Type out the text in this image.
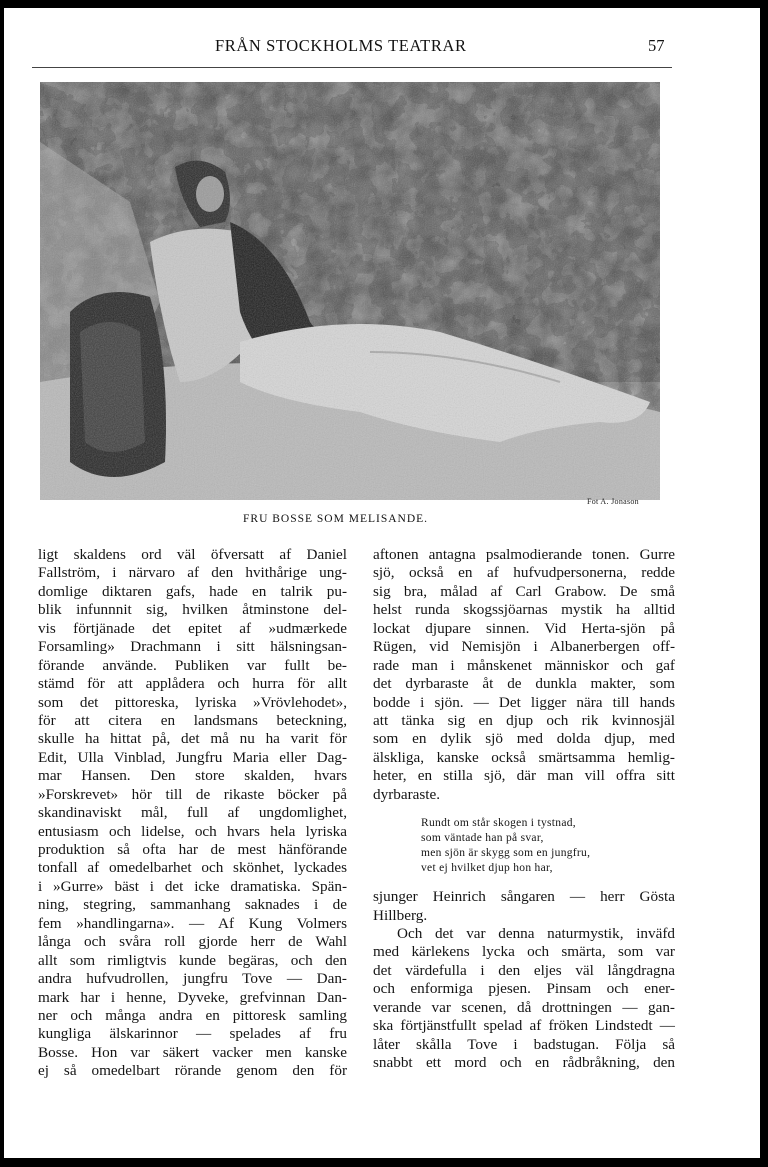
FRÅN STOCKHOLMS TEATRAR	57
Fot A. Jonason
FRU BOSSE SOM MELISANDE.
ligt skaldens ord väl öfversatt af Daniel
Fallström, i närvaro af den hvithårige ung-
domlige diktaren gafs, hade en talrik pu-
blik infunnnit sig, hvilken åtminstone del-
vis förtjänade det epitet af »udmærkede
Forsamling» Drachmann i sitt hälsningsan-
förande använde. Publiken var fullt be-
stämd för att applådera och hurra för allt
som det pittoreska, lyriska »Vrövlehodet»,
för att citera en landsmans beteckning,
skulle ha hittat på, det må nu ha varit för
Edit, Ulla Vinblad, Jungfru Maria eller Dag-
mar Hansen. Den store skalden, hvars
»Forskrevet» hör till de rikaste böcker på
skandinaviskt mål, full af ungdomlighet,
entusiasm och lidelse, och hvars hela lyriska
produktion så ofta har de mest hänförande
tonfall af omedelbarhet och skönhet, lyckades
i »Gurre» bäst i det icke dramatiska. Spän-
ning, stegring, sammanhang saknades i de
fem »handlingarna». — Af Kung Volmers
långa och svåra roll gjorde herr de Wahl
allt som rimligtvis kunde begäras, och den
andra hufvudrollen, jungfru Tove — Dan-
mark har i henne, Dyveke, grefvinnan Dan-
ner och många andra en pittoresk samling
kungliga älskarinnor — spelades af fru
Bosse. Hon var säkert vacker men kanske
ej så omedelbart rörande genom den för
aftonen antagna psalmodierande tonen. Gurre
sjö, också en af hufvudpersonerna, redde
sig bra, målad af Carl Grabow. De små
helst runda skogssjöarnas mystik ha alltid
lockat djupare sinnen. Vid Herta-sjön på
Rügen, vid Nemisjön i Albanerbergen off-
rade man i månskenet människor och gaf
det dyrbaraste åt de dunkla makter, som
bodde i sjön. — Det ligger nära till hands
att tänka sig en djup och rik kvinnosjäl
som en dylik sjö med dolda djup, med
älskliga, kanske också smärtsamma hemlig-
heter, en stilla sjö, där man vill offra sitt
dyrbaraste.
Rundt om står skogen i tystnad,
som väntade han på svar,
men sjön är skygg som en jungfru,
vet ej hvilket djup hon har,
sjunger Heinrich sångaren — herr Gösta
Hillberg.
Och det var denna naturmystik, inväfd
med kärlekens lycka och smärta, som var
det värdefulla i den eljes väl långdragna
och enformiga pjesen. Pinsam och ener-
verande var scenen, då drottningen — gan-
ska förtjänstfullt spelad af fröken Lindstedt —
låter skålla Tove i badstugan. Följa så
snabbt ett mord och en rådbråkning, den
